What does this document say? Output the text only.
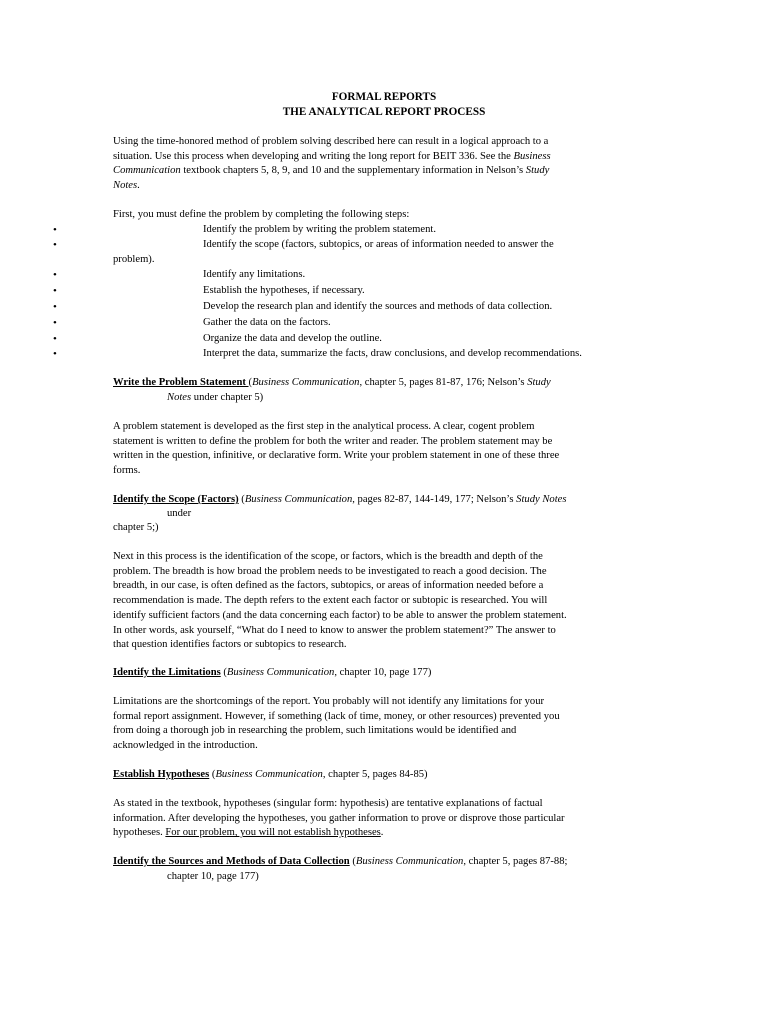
FORMAL REPORTS
THE ANALYTICAL REPORT PROCESS
Using the time-honored method of problem solving described here can result in a logical approach to a
situation. Use this process when developing and writing the long report for BEIT 336. See the Business
Communication textbook chapters 5, 8, 9, and 10 and the supplementary information in Nelson’s Study
Notes.
First, you must define the problem by completing the following steps:
•	Identify the problem by writing the problem statement.
•	Identify the scope (factors, subtopics, or areas of information needed to answer the
problem).
•	Identify any limitations.
•	Establish the hypotheses, if necessary.
•	Develop the research plan and identify the sources and methods of data collection.
•	Gather the data on the factors.
•	Organize the data and develop the outline.
•	Interpret the data, summarize the facts, draw conclusions, and develop recommendations.
Write the Problem Statement (Business Communication, chapter 5, pages 81-87, 176; Nelson’s Study
Notes under chapter 5)
A problem statement is developed as the first step in the analytical process. A clear, cogent problem
statement is written to define the problem for both the writer and reader. The problem statement may be
written in the question, infinitive, or declarative form. Write your problem statement in one of these three
forms.
Identify the Scope (Factors) (Business Communication, pages 82-87, 144-149, 177; Nelson’s Study Notes
under
chapter 5;)
Next in this process is the identification of the scope, or factors, which is the breadth and depth of the
problem. The breadth is how broad the problem needs to be investigated to reach a good decision. The
breadth, in our case, is often defined as the factors, subtopics, or areas of information needed before a
recommendation is made. The depth refers to the extent each factor or subtopic is researched. You will
identify sufficient factors (and the data concerning each factor) to be able to answer the problem statement.
In other words, ask yourself, “What do I need to know to answer the problem statement?” The answer to
that question identifies factors or subtopics to research.
Identify the Limitations (Business Communication, chapter 10, page 177)
Limitations are the shortcomings of the report. You probably will not identify any limitations for your
formal report assignment. However, if something (lack of time, money, or other resources) prevented you
from doing a thorough job in researching the problem, such limitations would be identified and
acknowledged in the introduction.
Establish Hypotheses (Business Communication, chapter 5, pages 84-85)
As stated in the textbook, hypotheses (singular form: hypothesis) are tentative explanations of factual
information. After developing the hypotheses, you gather information to prove or disprove those particular
hypotheses. For our problem, you will not establish hypotheses.
Identify the Sources and Methods of Data Collection (Business Communication, chapter 5, pages 87-88;
chapter 10, page 177)
